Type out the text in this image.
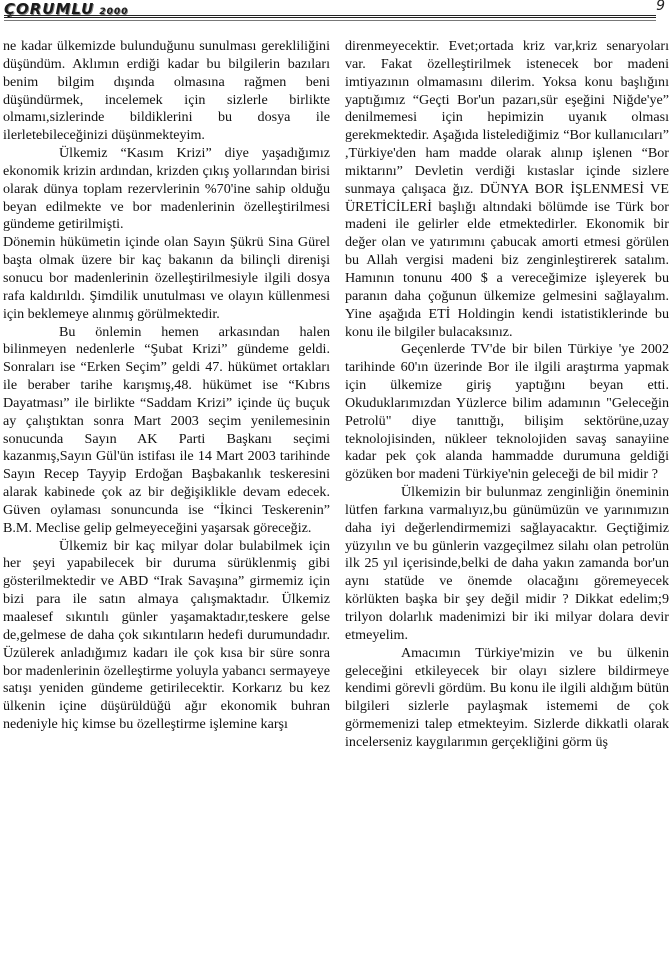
ÇORUMLU 2000	9

ne kadar ülkemizde bulunduğunu sunulması gerekliliğini düşündüm. Aklımın erdiği kadar bu bilgilerin bazıları benim bilgim dışında olmasına rağmen beni düşündürmek, incelemek için sizlerle birlikte olmamı,sizlerinde bildiklerini bu dosya ile ilerletebileceğinizi düşünmekteyim.

Ülkemiz “Kasım Krizi” diye yaşadığımız ekonomik krizin ardından, krizden çıkış yollarından birisi olarak dünya toplam rezervlerinin %70'ine sahip olduğu beyan edilmekte ve bor madenlerinin özelleştirilmesi gündeme getirilmişti.

Dönemin hükümetin içinde olan Sayın Şükrü Sina Gürel başta olmak üzere bir kaç bakanın da bilinçli direnişi sonucu bor madenlerinin özelleştirilmesiyle ilgili dosya rafa kaldırıldı. Şimdilik unutulması ve olayın küllenmesi için beklemeye alınmış görülmektedir.

Bu önlemin hemen arkasından halen bilinmeyen nedenlerle “Şubat Krizi” gündeme geldi. Sonraları ise “Erken Seçim” geldi 47. hükümet ortakları ile beraber tarihe karışmış,48. hükümet ise “Kıbrıs Dayatması” ile birlikte “Saddam Krizi” içinde üç buçuk ay çalıştıktan sonra Mart 2003 seçim yenilemesinin sonucunda Sayın AK Parti Başkanı seçimi kazanmış,Sayın Gül'ün istifası ile 14 Mart 2003 tarihinde Sayın Recep Tayyip Erdoğan Başbakanlık teskeresini alarak kabinede çok az bir değişiklikle devam edecek. Güven oylaması sonuncunda ise “İkinci Teskerenin” B.M. Meclise gelip gelmeyeceğini yaşarsak göreceğiz.

Ülkemiz bir kaç milyar dolar bulabilmek için her şeyi yapabilecek bir duruma sürüklenmiş gibi gösterilmektedir ve ABD “Irak Savaşına” girmemiz için bizi para ile satın almaya çalışmaktadır. Ülkemiz maalesef sıkıntılı günler yaşamaktadır,teskere gelse de,gelmese de daha çok sıkıntıların hedefi durumundadır. Üzülerek anladığımız kadarı ile çok kısa bir süre sonra bor madenlerinin özelleştirme yoluyla yabancı sermayeye satışı yeniden gündeme getirilecektir. Korkarız bu kez ülkenin içine düşürüldüğü ağır ekonomik buhran nedeniyle hiç kimse bu özelleştirme işlemine karşı

direnmeyecektir. Evet;ortada kriz var,kriz senaryoları var. Fakat özelleştirilmek istenecek bor madeni imtiyazının olmamasını dilerim. Yoksa konu başlığını yaptığımız “Geçti Bor'un pazarı,sür eşeğini Niğde'ye” denilmemesi için hepimizin uyanık olması gerekmektedir. Aşağıda listelediğimiz “Bor kullanıcıları” ,Türkiye'den ham madde olarak alınıp işlenen “Bor miktarını” Devletin verdiği kıstaslar içinde sizlere sunmaya çalışaca ğız. DÜNYA BOR İŞLENMESİ VE ÜRETİCİLERİ başlığı altındaki bölümde ise Türk bor madeni ile gelirler elde etmektedirler. Ekonomik bir değer olan ve yatırımını çabucak amorti etmesi görülen bu Allah vergisi madeni biz zenginleştirerek satalım. Hamının tonunu 400 $ a vereceğimize işleyerek bu paranın daha çoğunun ülkemize gelmesini sağlayalım. Yine aşağıda ETİ Holdingin kendi istatistiklerinde bu konu ile bilgiler bulacaksınız.

Geçenlerde TV'de bir bilen Türkiye 'ye 2002 tarihinde 60'ın üzerinde Bor ile ilgili araştırma yapmak için ülkemize giriş yaptığını beyan etti. Okuduklarımızdan Yüzlerce bilim adamının "Geleceğin Petrolü" diye tanıttığı, bilişim sektörüne,uzay teknolojisinden, nükleer teknolojiden savaş sanayiine kadar pek çok alanda hammadde durumuna geldiği gözüken bor madeni Türkiye'nin geleceği de bil midir ?

Ülkemizin bir bulunmaz zenginliğin öneminin lütfen farkına varmalıyız,bu günümüzün ve yarınımızın daha iyi değerlendirmemizi sağlayacaktır. Geçtiğimiz yüzyılın ve bu günlerin vazgeçilmez silahı olan petrolün ilk 25 yıl içerisinde,belki de daha yakın zamanda bor'un aynı statüde ve önemde olacağını göremeyecek körlükten başka bir şey değil midir ? Dikkat edelim;9 trilyon dolarlık madenimizi bir iki milyar dolara devir etmeyelim.

Amacımın Türkiye'mizin ve bu ülkenin geleceğini etkileyecek bir olayı sizlere bildirmeye kendimi görevli gördüm. Bu konu ile ilgili aldığım bütün bilgileri sizlerle paylaşmak istememi de çok görmemenizi talep etmekteyim. Sizlerde dikkatli olarak incelerseniz kaygılarımın gerçekliğini görm üş
